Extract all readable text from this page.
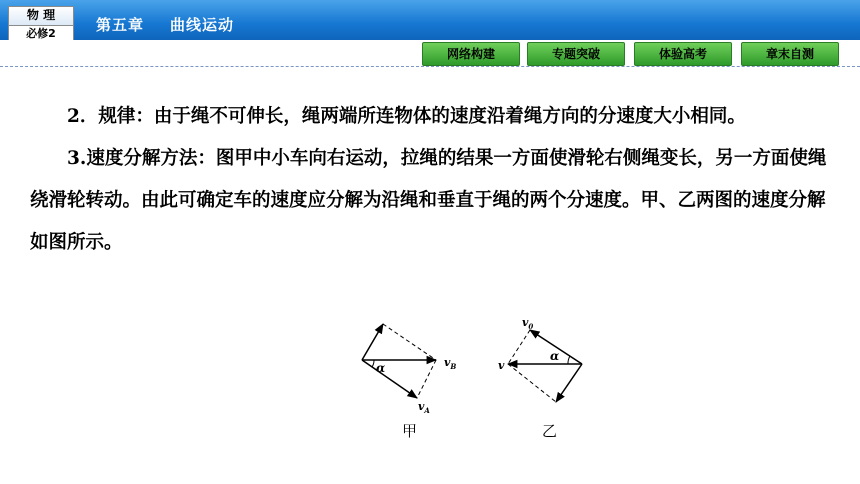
物 理
必修2	第五章 曲线运动
网络构建	专题突破	体验高考	章末自测

2．规律：由于绳不可伸长，绳两端所连物体的速度沿着绳方向的分速度大小相同。

3.速度分解方法：图甲中小车向右运动，拉绳的结果一方面使滑轮右侧绳变长，另一方面使绳绕滑轮转动。由此可确定车的速度应分解为沿绳和垂直于绳的两个分速度。甲、乙两图的速度分解如图所示。

α	$v_B$
$v_A$
甲
α
v
$v_0$
乙
